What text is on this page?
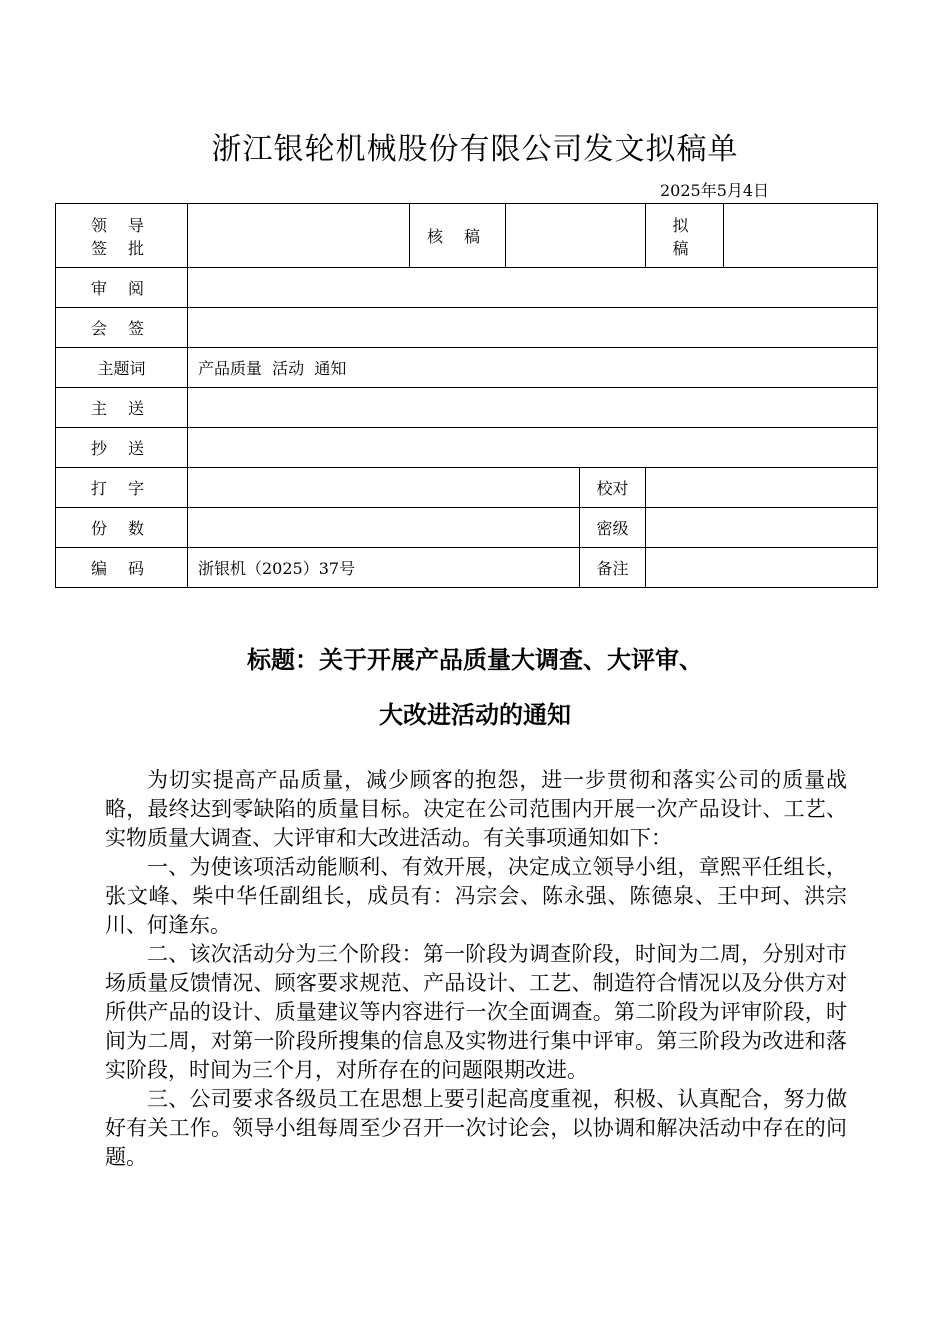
浙江银轮机械股份有限公司发文拟稿单
2025年5月4日
领 导
签 批		核 稿			拟 稿	
审 阅						
会 签						
主题词	产品质量  活动  通知					
主 送						
抄 送						
打 字				校对		
份 数				密级		
编 码	浙银机（2025）37号			备注		
标题：关于开展产品质量大调查、大评审、
大改进活动的通知

为切实提高产品质量，减少顾客的抱怨，进一步贯彻和落实公司的质量战略，最终达到零缺陷的质量目标。决定在公司范围内开展一次产品设计、工艺、实物质量大调查、大评审和大改进活动。有关事项通知如下：

一、为使该项活动能顺利、有效开展，决定成立领导小组，章熙平任组长，张文峰、柴中华任副组长，成员有：冯宗会、陈永强、陈德泉、王中珂、洪宗川、何逢东。

二、该次活动分为三个阶段：第一阶段为调查阶段，时间为二周，分别对市场质量反馈情况、顾客要求规范、产品设计、工艺、制造符合情况以及分供方对所供产品的设计、质量建议等内容进行一次全面调查。第二阶段为评审阶段，时间为二周，对第一阶段所搜集的信息及实物进行集中评审。第三阶段为改进和落实阶段，时间为三个月，对所存在的问题限期改进。

三、公司要求各级员工在思想上要引起高度重视，积极、认真配合，努力做好有关工作。领导小组每周至少召开一次讨论会，以协调和解决活动中存在的问题。
